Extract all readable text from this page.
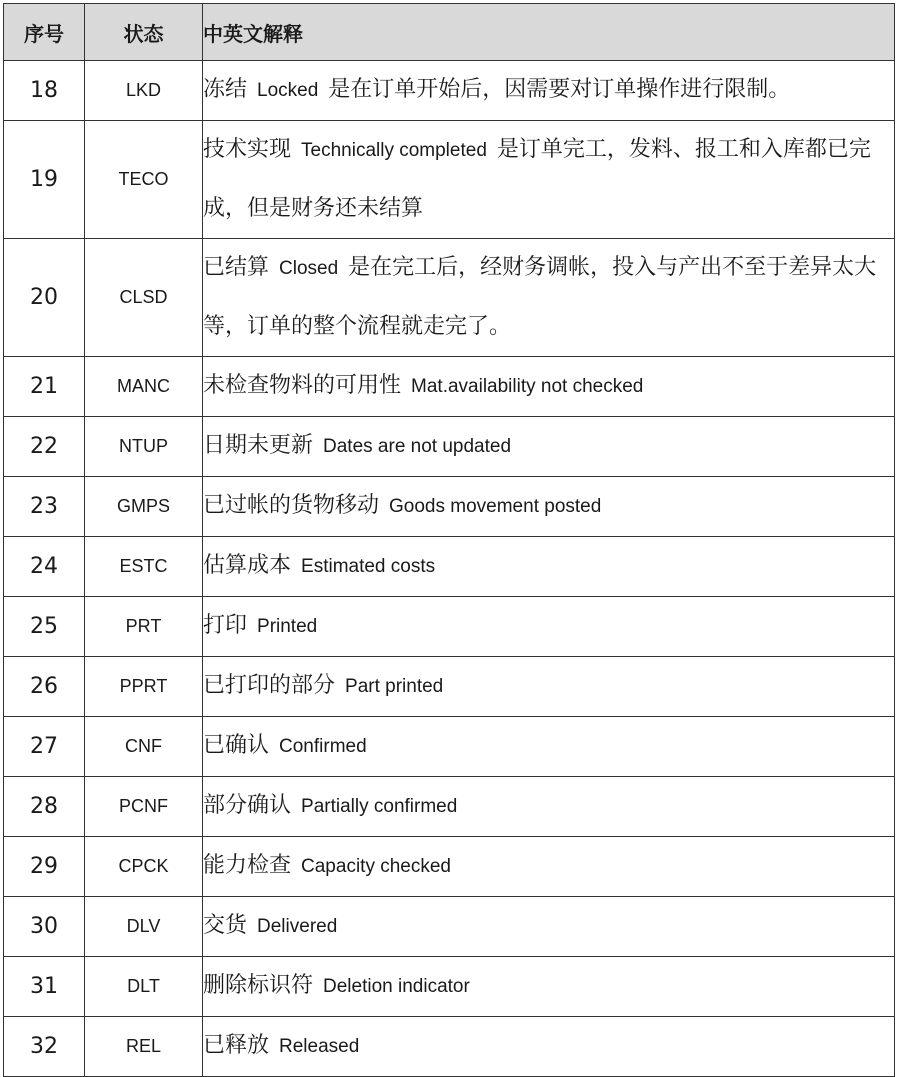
序号	状态	中英文解释
18	LKD	冻结 Locked 是在订单开始后，因需要对订单操作进行限制。
19	TECO	技术实现 Technically completed 是订单完工，发料、报工和入库都已完成，但是财务还未结算
20	CLSD	已结算 Closed 是在完工后，经财务调帐，投入与产出不至于差异太大等，订单的整个流程就走完了。
21	MANC	未检查物料的可用性 Mat.availability not checked
22	NTUP	日期未更新 Dates are not updated
23	GMPS	已过帐的货物移动 Goods movement posted
24	ESTC	估算成本 Estimated costs
25	PRT	打印 Printed
26	PPRT	已打印的部分 Part printed
27	CNF	已确认 Confirmed
28	PCNF	部分确认 Partially confirmed
29	CPCK	能力检查 Capacity checked
30	DLV	交货 Delivered
31	DLT	删除标识符 Deletion indicator
32	REL	已释放 Released
